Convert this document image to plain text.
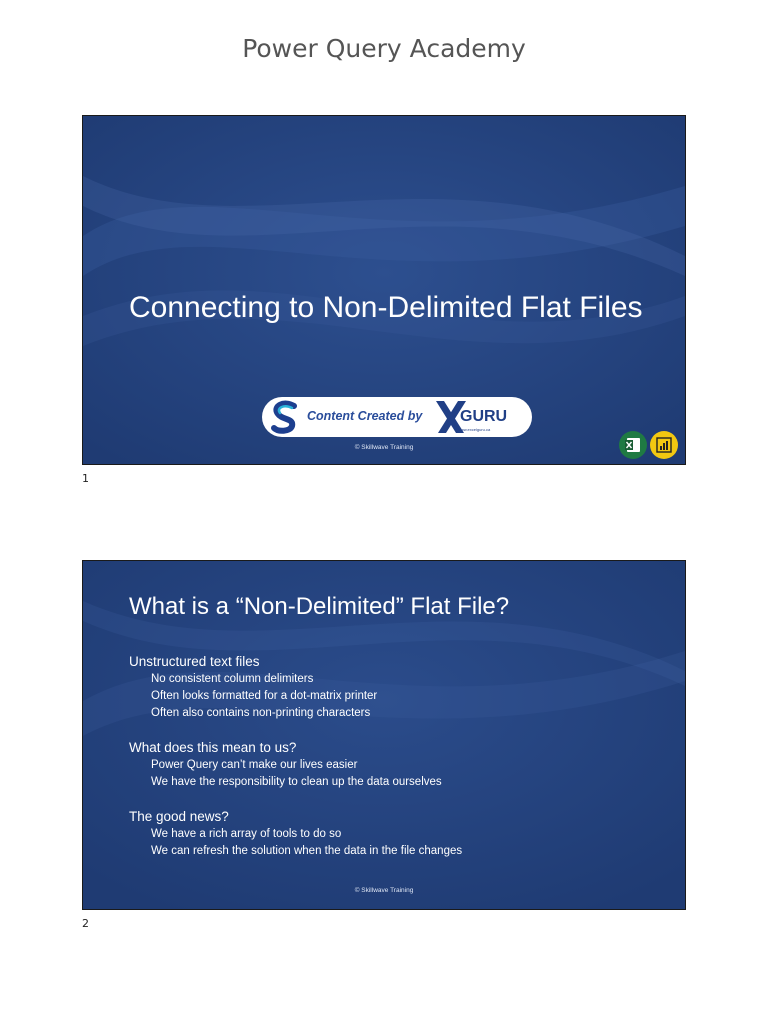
Power Query Academy
Connecting to Non-Delimited Flat Files
Content Created by GURU
www.excelguru.ca
© Skillwave Training
1
What is a “Non-Delimited” Flat File?
Unstructured text files
No consistent column delimiters
Often looks formatted for a dot-matrix printer
Often also contains non-printing characters
What does this mean to us?
Power Query can’t make our lives easier
We have the responsibility to clean up the data ourselves
The good news?
We have a rich array of tools to do so
We can refresh the solution when the data in the file changes
© Skillwave Training
2
